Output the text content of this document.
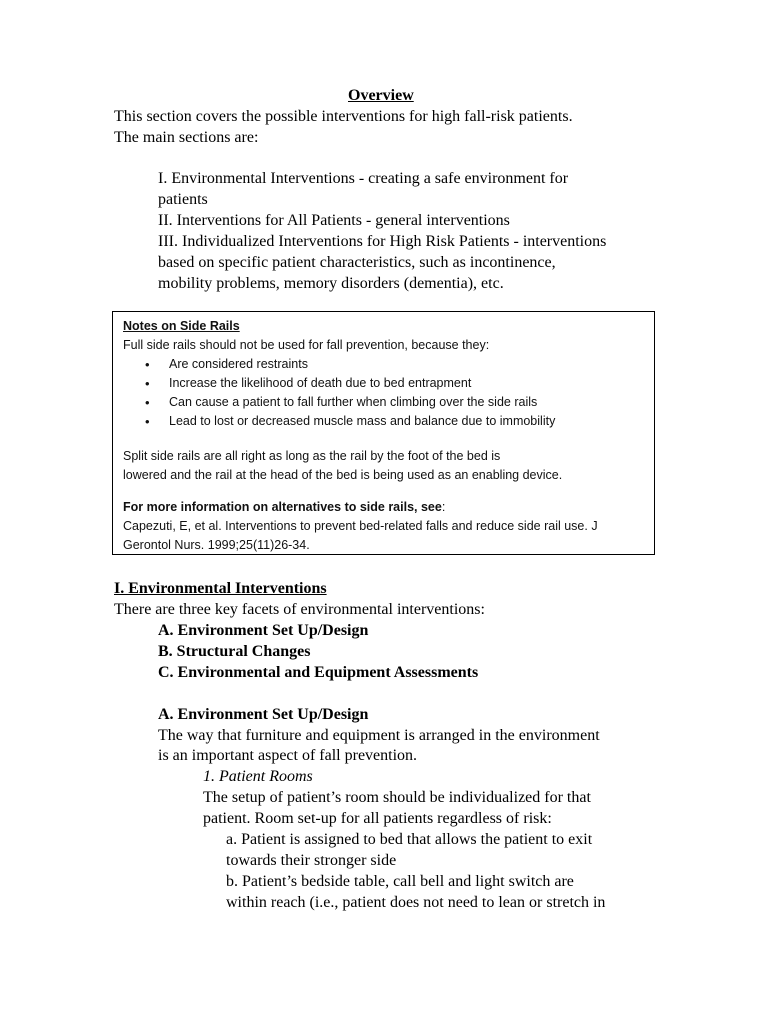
Overview
This section covers the possible interventions for high fall-risk patients.
The main sections are:
I. Environmental Interventions - creating a safe environment for
patients
II. Interventions for All Patients - general interventions
III. Individualized Interventions for High Risk Patients - interventions
based on specific patient characteristics, such as incontinence,
mobility problems, memory disorders (dementia), etc.
Notes on Side Rails
Full side rails should not be used for fall prevention, because they:
• Are considered restraints
• Increase the likelihood of death due to bed entrapment
• Can cause a patient to fall further when climbing over the side rails
• Lead to lost or decreased muscle mass and balance due to immobility
Split side rails are all right as long as the rail by the foot of the bed is
lowered and the rail at the head of the bed is being used as an enabling device.
For more information on alternatives to side rails, see:
Capezuti, E, et al. Interventions to prevent bed-related falls and reduce side rail use. J
Gerontol Nurs. 1999;25(11)26-34.
I. Environmental Interventions
There are three key facets of environmental interventions:
A. Environment Set Up/Design
B. Structural Changes
C. Environmental and Equipment Assessments
A. Environment Set Up/Design
The way that furniture and equipment is arranged in the environment
is an important aspect of fall prevention.
1. Patient Rooms
The setup of patient’s room should be individualized for that
patient. Room set-up for all patients regardless of risk:
a. Patient is assigned to bed that allows the patient to exit
towards their stronger side
b. Patient’s bedside table, call bell and light switch are
within reach (i.e., patient does not need to lean or stretch in
